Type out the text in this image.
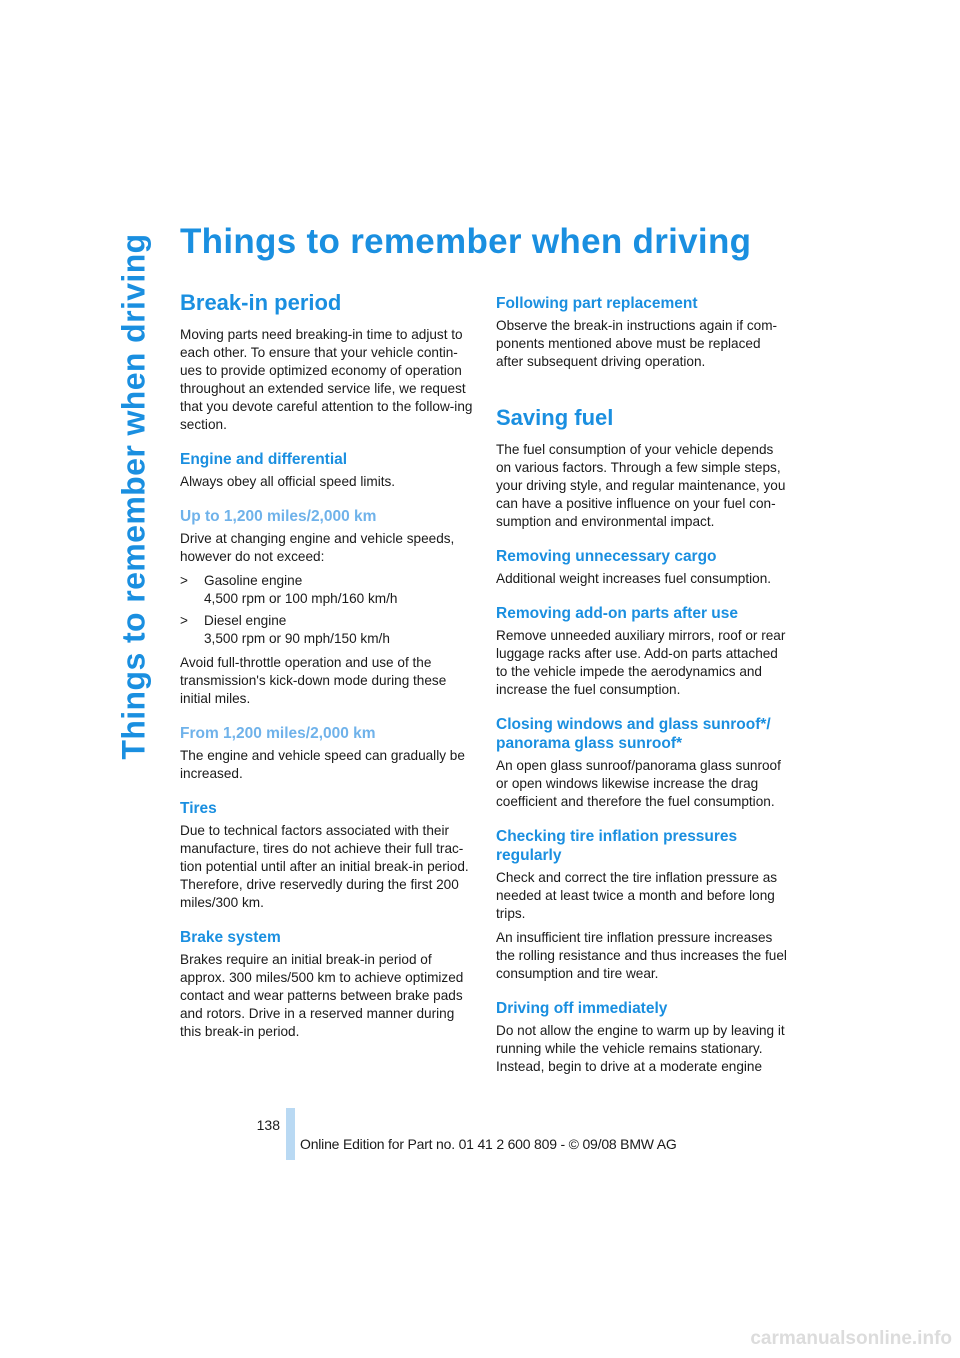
Things to remember when driving Things to remember when driving
Break-in period

Moving parts need breaking-in time to adjust to each other. To ensure that your vehicle contin-ues to provide optimized economy of operation throughout an extended service life, we request that you devote careful attention to the follow-ing section.

Engine and differential

Always obey all official speed limits.

Up to 1,200 miles/2,000 km

Drive at changing engine and vehicle speeds, however do not exceed:

>	Gasoline engine
4,500 rpm or 100 mph/160 km/h
>	Diesel engine
3,500 rpm or 90 mph/150 km/h

Avoid full-throttle operation and use of the transmission's kick-down mode during these initial miles.

From 1,200 miles/2,000 km

The engine and vehicle speed can gradually be increased.

Tires

Due to technical factors associated with their manufacture, tires do not achieve their full trac-tion potential until after an initial break-in period. Therefore, drive reservedly during the first 200 miles/300 km.

Brake system

Brakes require an initial break-in period of approx. 300 miles/500 km to achieve optimized contact and wear patterns between brake pads and rotors. Drive in a reserved manner during this break-in period.

Following part replacement

Observe the break-in instructions again if com-ponents mentioned above must be replaced after subsequent driving operation.

Saving fuel

The fuel consumption of your vehicle depends on various factors. Through a few simple steps, your driving style, and regular maintenance, you can have a positive influence on your fuel con-sumption and environmental impact.

Removing unnecessary cargo

Additional weight increases fuel consumption.

Removing add-on parts after use

Remove unneeded auxiliary mirrors, roof or rear luggage racks after use. Add-on parts attached to the vehicle impede the aerodynamics and increase the fuel consumption.

Closing windows and glass sunroof*/ panorama glass sunroof*

An open glass sunroof/panorama glass sunroof or open windows likewise increase the drag coefficient and therefore the fuel consumption.

Checking tire inflation pressures regularly

Check and correct the tire inflation pressure as needed at least twice a month and before long trips.

An insufficient tire inflation pressure increases the rolling resistance and thus increases the fuel consumption and tire wear.

Driving off immediately

Do not allow the engine to warm up by leaving it running while the vehicle remains stationary. Instead, begin to drive at a moderate engine

138
Online Edition for Part no. 01 41 2 600 809 - © 09/08 BMW AG
carmanualsonline.info
